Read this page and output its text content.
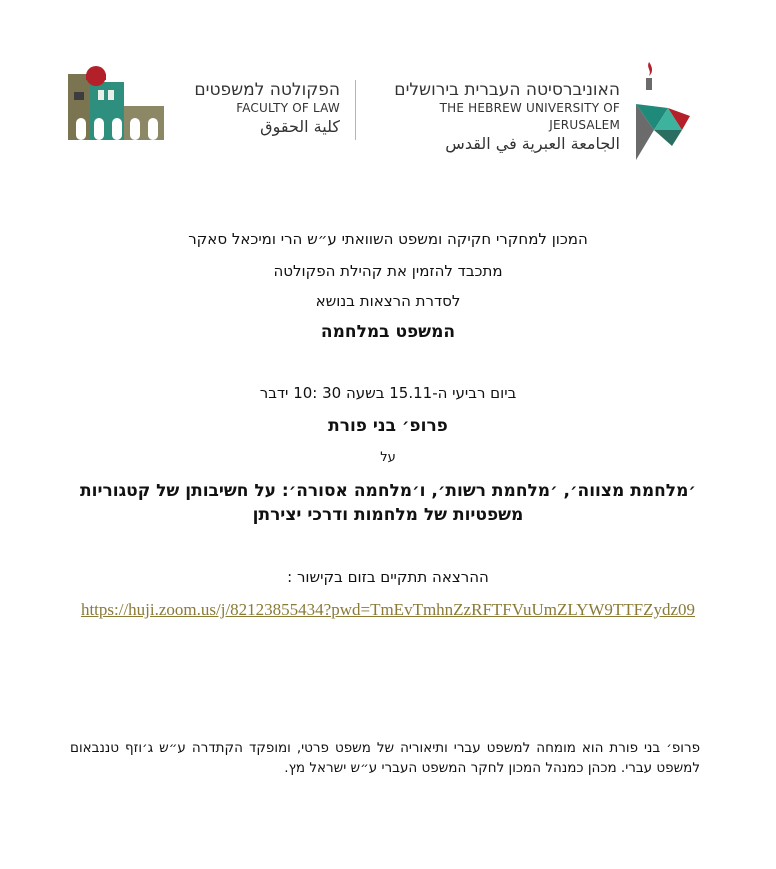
הפקולטה למשפטים
FACULTY OF LAW
كلية الحقوق
האוניברסיטה העברית בירושלים
THE HEBREW UNIVERSITY OF JERUSALEM
الجامعة العبرية في القدس
המכון למחקרי חקיקה ומשפט השוואתי ע״ש הרי ומיכאל סאקר
מתכבד להזמין את קהילת הפקולטה
לסדרת הרצאות בנושא
המשפט במלחמה
ביום רביעי ה-15.11 בשעה 30 :10 ידבר
פרופ׳ בני פורת
על
׳מלחמת מצווה׳, ׳מלחמת רשות׳, ו׳מלחמה אסורה׳: על חשיבותן של קטגוריות משפטיות של מלחמות ודרכי יצירתן
ההרצאה תתקיים בזום בקישור :
https://huji.zoom.us/j/82123855434?pwd=TmEvTmhnZzRFTFVuUmZLYW9TTFZydz09
פרופ׳ בני פורת הוא מומחה למשפט עברי ותיאוריה של משפט פרטי, ומופקד הקתדרה ע״ש ג׳וזף טננבאום למשפט עברי. מכהן כמנהל המכון לחקר המשפט העברי ע״ש ישראל מץ.
